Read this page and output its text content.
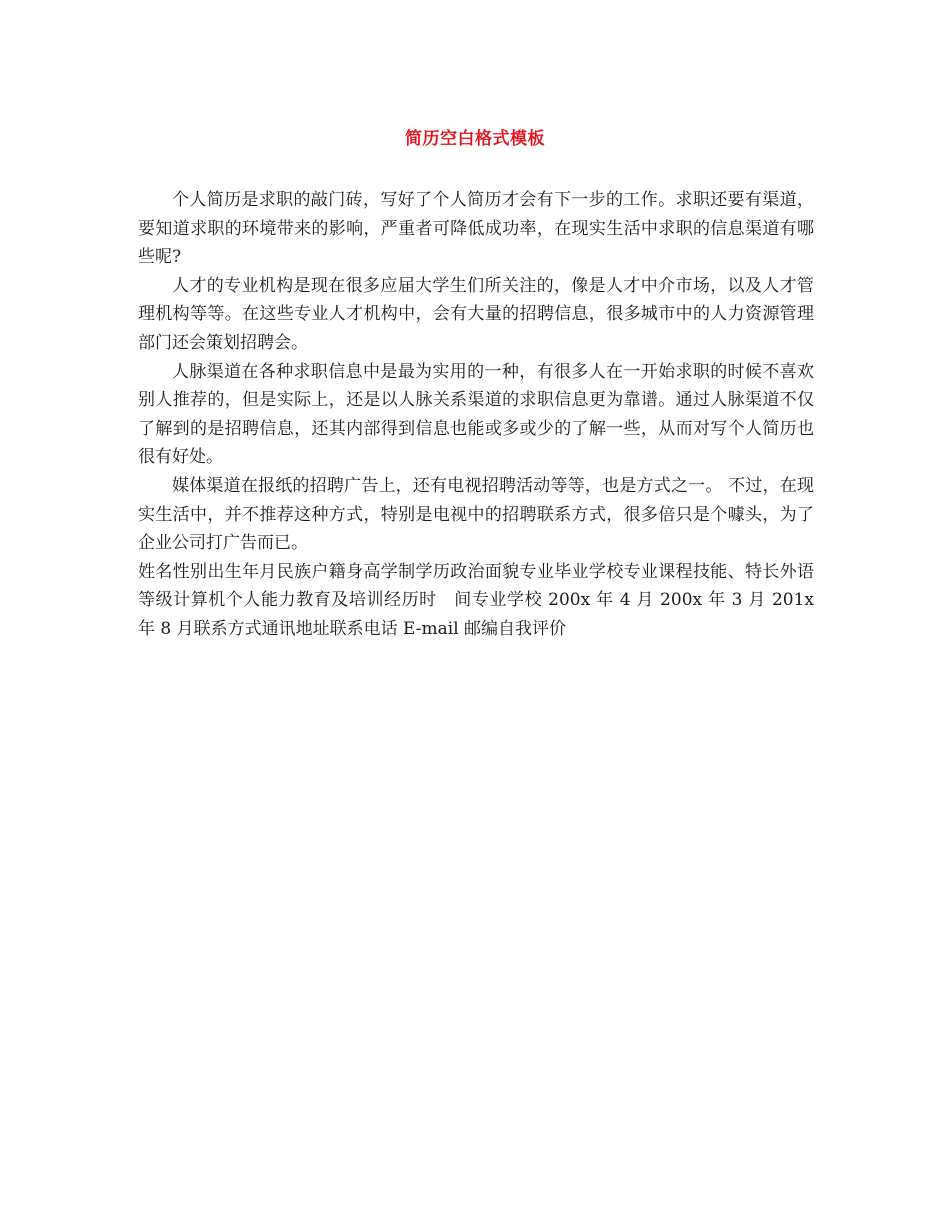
简历空白格式模板

个人简历是求职的敲门砖，写好了个人简历才会有下一步的工作。求职还要有渠道，要知道求职的环境带来的影响，严重者可降低成功率，在现实生活中求职的信息渠道有哪些呢?

人才的专业机构是现在很多应届大学生们所关注的，像是人才中介市场，以及人才管理机构等等。在这些专业人才机构中，会有大量的招聘信息，很多城市中的人力资源管理部门还会策划招聘会。

人脉渠道在各种求职信息中是最为实用的一种，有很多人在一开始求职的时候不喜欢别人推荐的，但是实际上，还是以人脉关系渠道的求职信息更为靠谱。通过人脉渠道不仅了解到的是招聘信息，还其内部得到信息也能或多或少的了解一些，从而对写个人简历也很有好处。

媒体渠道在报纸的招聘广告上，还有电视招聘活动等等，也是方式之一。 不过，在现实生活中，并不推荐这种方式，特别是电视中的招聘联系方式，很多倍只是个噱头，为了企业公司打广告而已。

姓名性别出生年月民族户籍身高学制学历政治面貌专业毕业学校专业课程技能、特长外语等级计算机个人能力教育及培训经历时　间专业学校 200x 年 4 月 200x 年 3 月 201x 年 8 月联系方式通讯地址联系电话 E-mail 邮编自我评价
